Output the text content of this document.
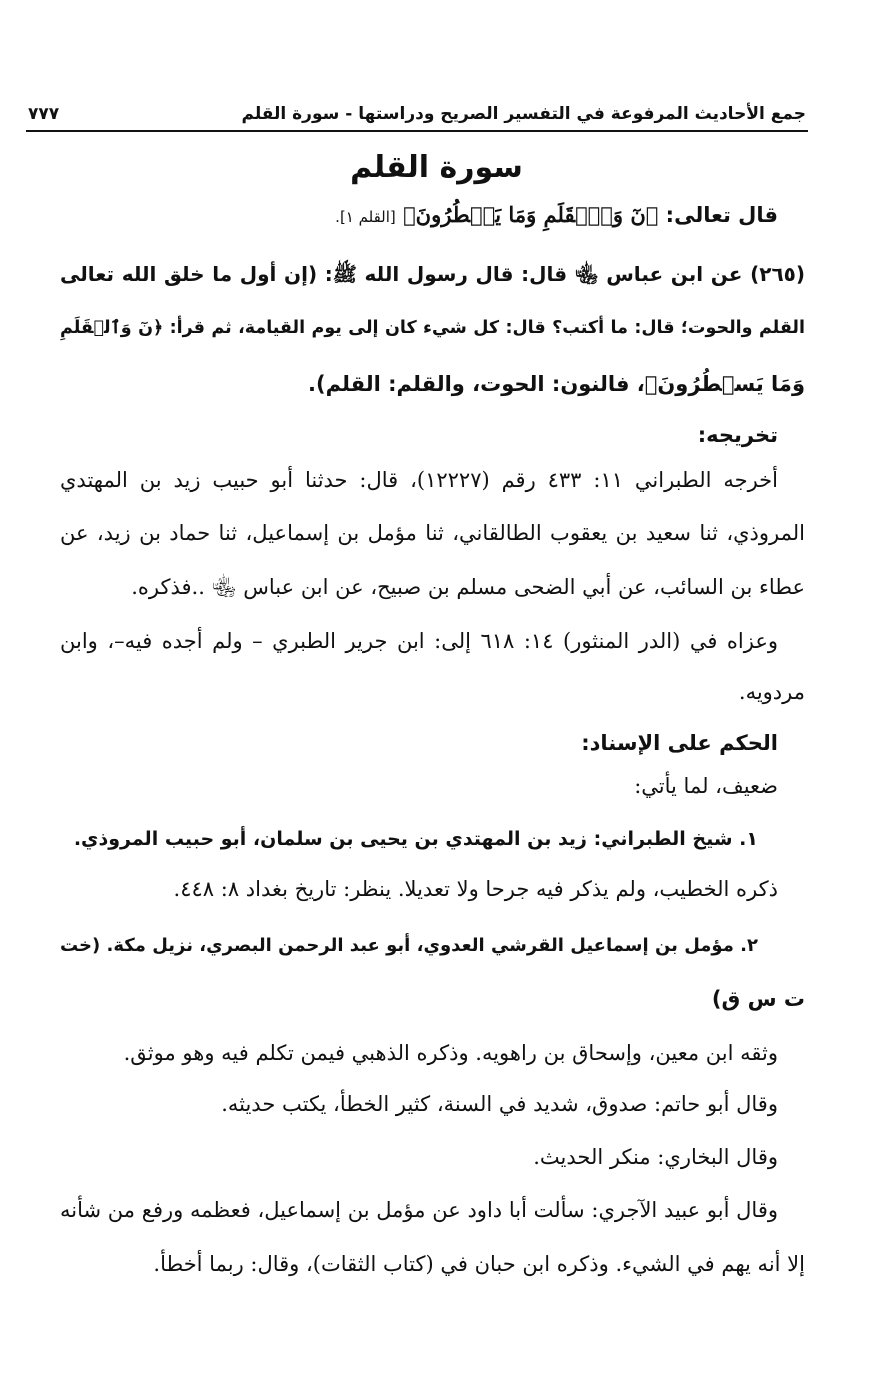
جمع الأحاديث المرفوعة في التفسير الصريح ودراستها - سورة القلم
٧٧٧
سورة القلم
قال تعالى: ﴿نٓ وَٱلۡقَلَمِ وَمَا يَسۡطُرُونَ﴾ [القلم ١].
(٢٦٥) عن ابن عباس ﵄ قال: قال رسول الله ﷺ: (إن أول ما خلق الله تعالى
القلم والحوت؛ قال: ما أكتب؟ قال: كل شيء كان إلى يوم القيامة، ثم قرأ: ﴿نٓ وَٱلۡقَلَمِ
وَمَا يَسۡطُرُونَ﴾، فالنون: الحوت، والقلم: القلم).
تخريجه:
أخرجه الطبراني ١١: ٤٣٣ رقم (١٢٢٢٧)، قال: حدثنا أبو حبيب زيد بن المهتدي
المروذي، ثنا سعيد بن يعقوب الطالقاني، ثنا مؤمل بن إسماعيل، ثنا حماد بن زيد، عن
عطاء بن السائب، عن أبي الضحى مسلم بن صبيح، عن ابن عباس ﵄ ..فذكره.
وعزاه في (الدر المنثور) ١٤: ٦١٨ إلى: ابن جرير الطبري – ولم أجده فيه–، وابن
مردويه.
الحكم على الإسناد:
ضعيف، لما يأتي:
١. شيخ الطبراني: زيد بن المهتدي بن يحيى بن سلمان، أبو حبيب المروذي.
ذكره الخطيب، ولم يذكر فيه جرحا ولا تعديلا. ينظر: تاريخ بغداد ٨: ٤٤٨.
٢. مؤمل بن إسماعيل القرشي العدوي، أبو عبد الرحمن البصري، نزيل مكة. (خت
ت س ق)
وثقه ابن معين، وإسحاق بن راهويه. وذكره الذهبي فيمن تكلم فيه وهو موثق.
وقال أبو حاتم: صدوق، شديد في السنة، كثير الخطأ، يكتب حديثه.
وقال البخاري: منكر الحديث.
وقال أبو عبيد الآجري: سألت أبا داود عن مؤمل بن إسماعيل، فعظمه ورفع من شأنه
إلا أنه يهم في الشيء. وذكره ابن حبان في (كتاب الثقات)، وقال: ربما أخطأ.
